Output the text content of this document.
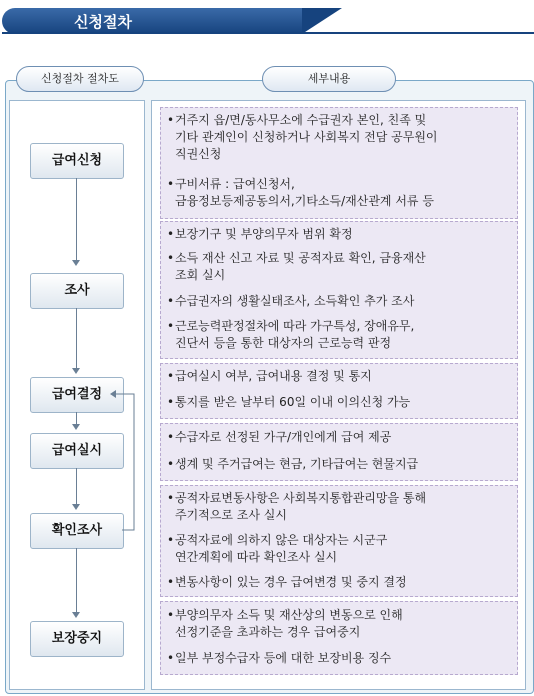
신청절차
신청절차 절차도	세부내용
급여신청
조사
급여결정
급여실시
확인조사
보장중지
• 거주지 읍/면/동사무소에 수급권자 본인, 친족 및
기타 관계인이 신청하거나 사회복지 전담 공무원이
직권신청
• 구비서류 : 급여신청서,
금융정보등제공동의서,기타소득/재산관계 서류 등
• 보장기구 및 부양의무자 범위 확정
• 소득 재산 신고 자료 및 공적자료 확인, 금융재산
조회 실시
• 수급권자의 생활실태조사, 소득확인 추가 조사
• 근로능력판정절차에 따라 가구특성, 장애유무,
진단서 등을 통한 대상자의 근로능력 판정
• 급여실시 여부, 급여내용 결정 및 통지
• 통지를 받은 날부터 60일 이내 이의신청 가능
• 수급자로 선정된 가구/개인에게 급여 제공
• 생계 및 주거급여는 현금, 기타급여는 현물지급
• 공적자료변동사항은 사회복지통합관리망을 통해
주기적으로 조사 실시
• 공적자료에 의하지 않은 대상자는 시군구
연간계획에 따라 확인조사 실시
• 변동사항이 있는 경우 급여변경 및 중지 결정
• 부양의무자 소득 및 재산상의 변동으로 인해
선정기준을 초과하는 경우 급여중지
• 일부 부정수급자 등에 대한 보장비용 징수
